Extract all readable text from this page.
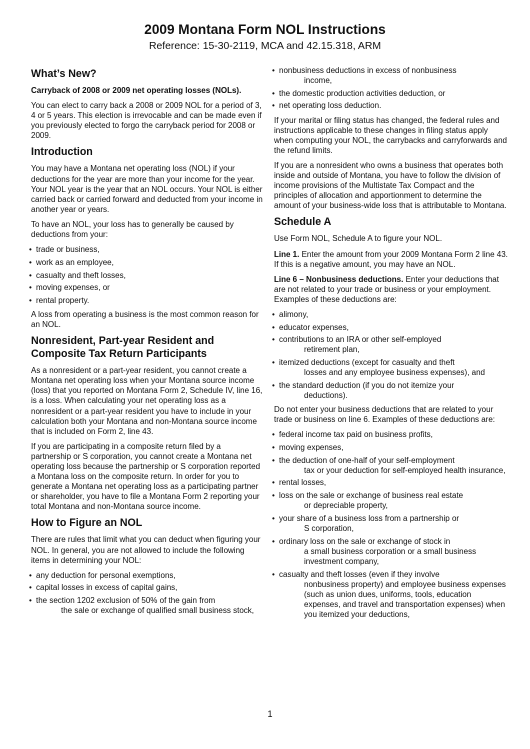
2009 Montana Form NOL Instructions
Reference: 15-30-2119, MCA and 42.15.318, ARM
What’s New?

Carryback of 2008 or 2009 net operating losses (NOLs).

You can elect to carry back a 2008 or 2009 NOL for a period of 3, 4 or 5 years. This election is irrevocable and can be made even if you previously elected to forgo the carryback period for 2008 or 2009.

Introduction

You may have a Montana net operating loss (NOL) if your deductions for the year are more than your income for the year. Your NOL year is the year that an NOL occurs. Your NOL is either carried back or carried forward and deducted from your income in another year or years.

To have an NOL, your loss has to generally be caused by deductions from your:

• trade or business,
• work as an employee,
• casualty and theft losses,
• moving expenses, or
• rental property.

A loss from operating a business is the most common reason for an NOL.

Nonresident, Part-year Resident and
Composite Tax Return Participants

As a nonresident or a part-year resident, you cannot create a Montana net operating loss when your Montana source income (loss) that you reported on Montana Form 2, Schedule IV, line 16, is a loss. When calculating your net operating loss as a nonresident or a part-year resident you have to include in your calculation both your Montana and non-Montana source income that is included on Form 2, line 43.

If you are participating in a composite return filed by a partnership or S corporation, you cannot create a Montana net operating loss because the partnership or S corporation reported a Montana loss on the composite return. In order for you to generate a Montana net operating loss as a participating partner or shareholder, you have to file a Montana Form 2 reporting your total Montana and non-Montana source income.

How to Figure an NOL

There are rules that limit what you can deduct when figuring your NOL. In general, you are not allowed to include the following items in determining your NOL:

• any deduction for personal exemptions,
• capital losses in excess of capital gains,
• the section 1202 exclusion of 50% of the gain from
the sale or exchange of qualified small business stock,
• nonbusiness deductions in excess of nonbusiness
income,
• the domestic production activities deduction, or
• net operating loss deduction.

If your marital or filing status has changed, the federal rules and instructions applicable to these changes in filing status apply when computing your NOL, the carrybacks and carryforwards and the refund limits.

If you are a nonresident who owns a business that operates both inside and outside of Montana, you have to follow the division of income provisions of the Multistate Tax Compact and the principles of allocation and apportionment to determine the amount of your business-wide loss that is attributable to Montana.

Schedule A

Use Form NOL, Schedule A to figure your NOL.

Line 1. Enter the amount from your 2009 Montana Form 2 line 43. If this is a negative amount, you may have an NOL.

Line 6 – Nonbusiness deductions. Enter your deductions that are not related to your trade or business or your employment. Examples of these deductions are:

• alimony,
• educator expenses,
• contributions to an IRA or other self-employed
retirement plan,
• itemized deductions (except for casualty and theft
losses and any employee business expenses), and
• the standard deduction (if you do not itemize your
deductions).

Do not enter your business deductions that are related to your trade or business on line 6. Examples of these deductions are:

• federal income tax paid on business profits,
• moving expenses,
• the deduction of one-half of your self-employment
tax or your deduction for self-employed health insurance,
• rental losses,
• loss on the sale or exchange of business real estate
or depreciable property,
• your share of a business loss from a partnership or
S corporation,
• ordinary loss on the sale or exchange of stock in
a small business corporation or a small business investment company,
• casualty and theft losses (even if they involve
nonbusiness property) and employee business expenses (such as union dues, uniforms, tools, education expenses, and travel and transportation expenses) when you itemized your deductions,
1
